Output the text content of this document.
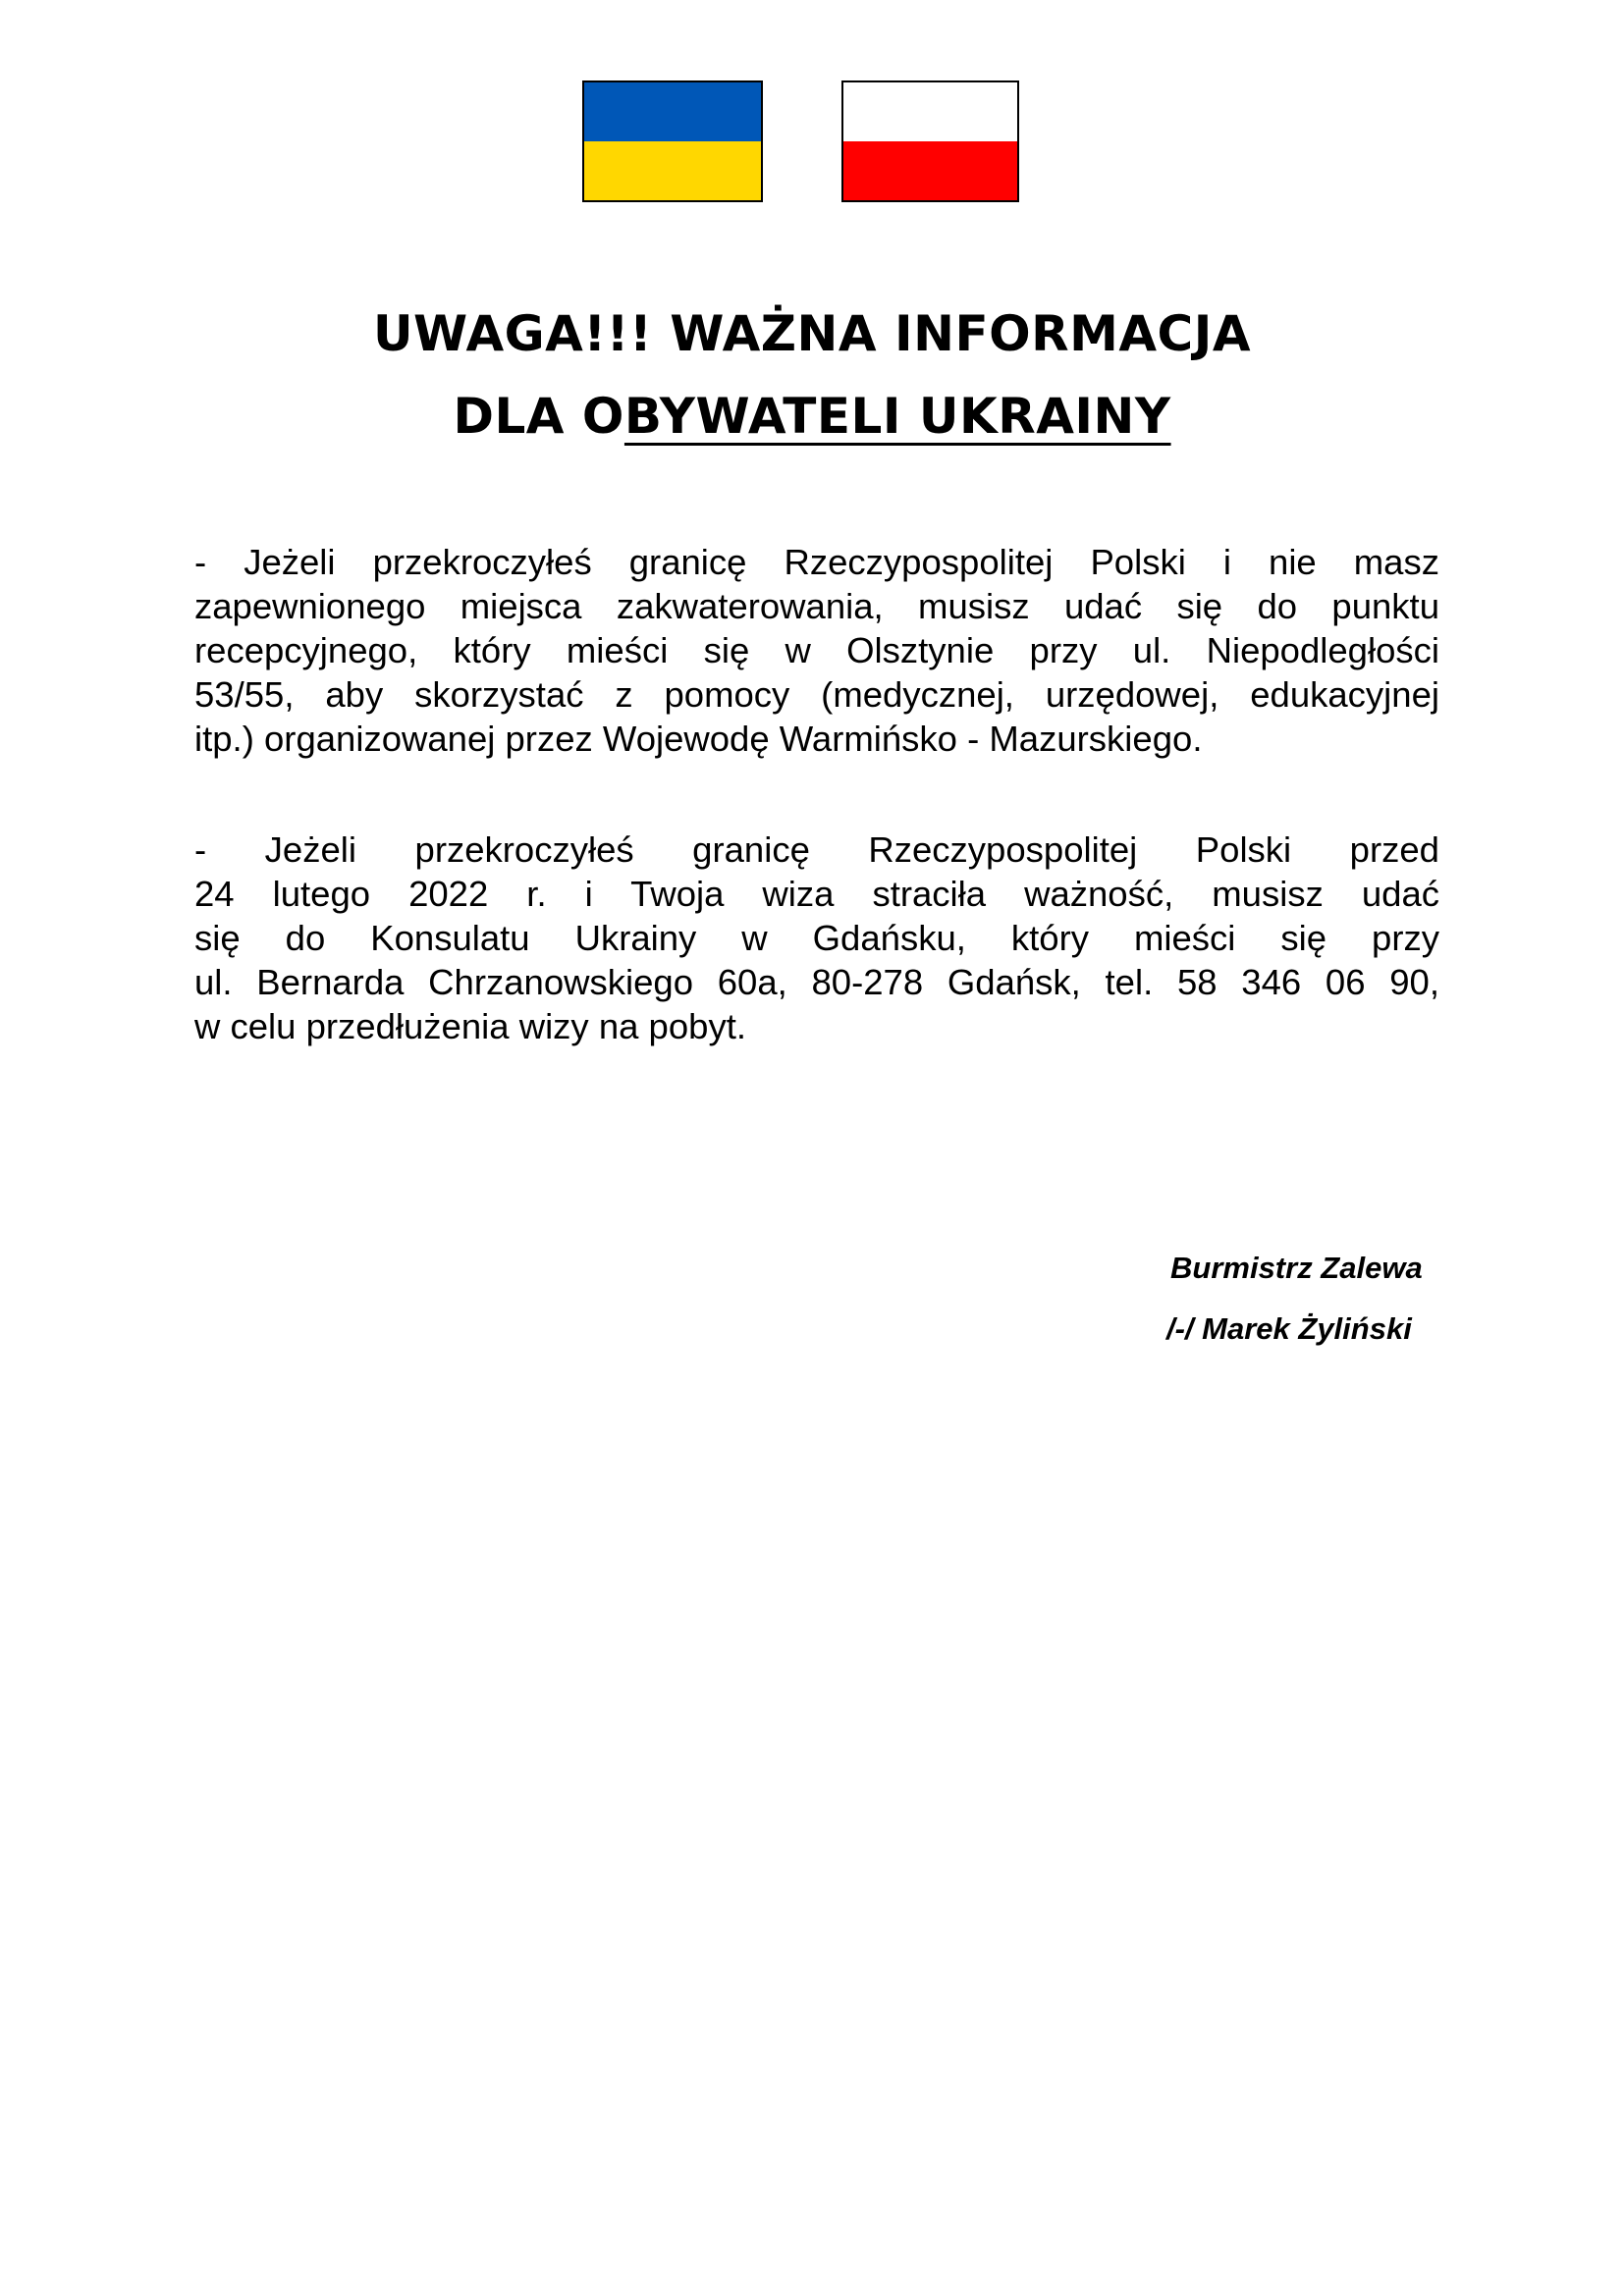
UWAGA!!! WAŻNA INFORMACJA
DLA OBYWATELI UKRAINY
- Jeżeli przekroczyłeś granicę Rzeczypospolitej Polski i nie masz
zapewnionego miejsca zakwaterowania, musisz udać się do punktu
recepcyjnego, który mieści się w Olsztynie przy ul. Niepodległości
53/55, aby skorzystać z pomocy (medycznej, urzędowej, edukacyjnej
itp.) organizowanej przez Wojewodę Warmińsko - Mazurskiego.
- Jeżeli przekroczyłeś granicę Rzeczypospolitej Polski przed
24 lutego 2022 r. i Twoja wiza straciła ważność, musisz udać
się do Konsulatu Ukrainy w Gdańsku, który mieści się przy
ul. Bernarda Chrzanowskiego 60a, 80-278 Gdańsk, tel. 58 346 06 90,
w celu przedłużenia wizy na pobyt.
Burmistrz Zalewa
/-/ Marek Żyliński
